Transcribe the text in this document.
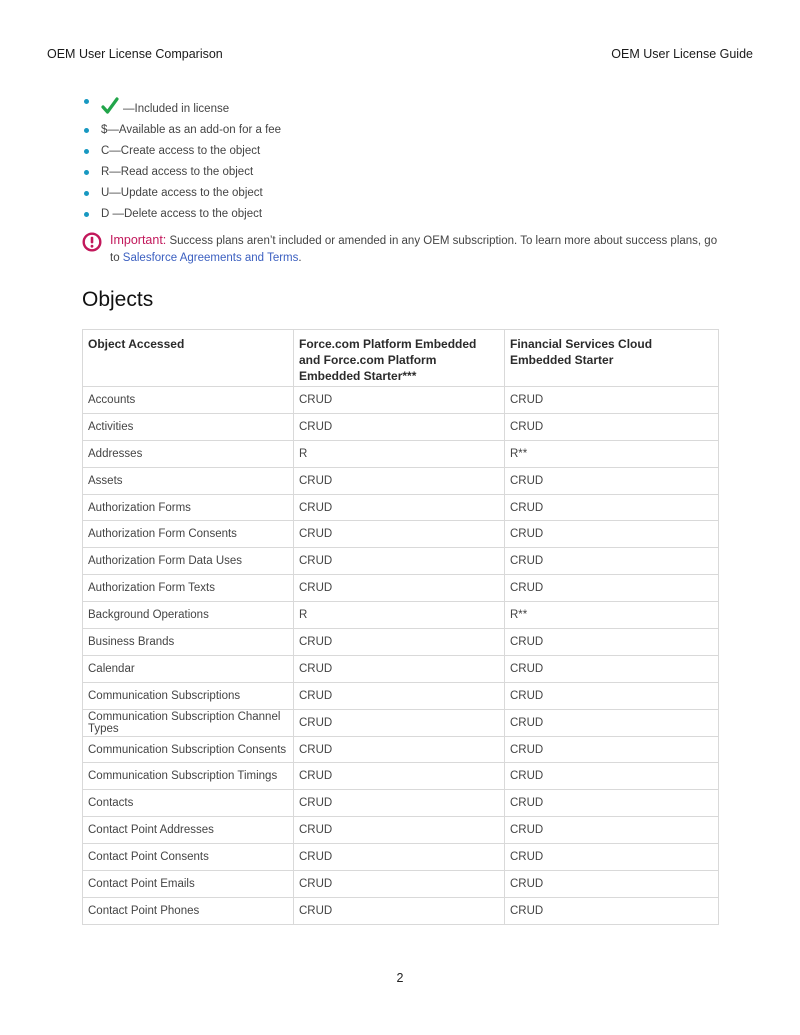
OEM User License Comparison	OEM User License Guide
—Included in license
$—Available as an add-on for a fee
C—Create access to the object
R—Read access to the object
U—Update access to the object
D —Delete access to the object
Important: Success plans aren’t included or amended in any OEM subscription. To learn more about success plans, go to Salesforce Agreements and Terms.
Objects
Object Accessed	Force.com Platform Embedded and Force.com Platform Embedded Starter***	Financial Services Cloud Embedded Starter
Accounts	CRUD	CRUD
Activities	CRUD	CRUD
Addresses	R	R**
Assets	CRUD	CRUD
Authorization Forms	CRUD	CRUD
Authorization Form Consents	CRUD	CRUD
Authorization Form Data Uses	CRUD	CRUD
Authorization Form Texts	CRUD	CRUD
Background Operations	R	R**
Business Brands	CRUD	CRUD
Calendar	CRUD	CRUD
Communication Subscriptions	CRUD	CRUD
Communication Subscription Channel Types	CRUD	CRUD
Communication Subscription Consents	CRUD	CRUD
Communication Subscription Timings	CRUD	CRUD
Contacts	CRUD	CRUD
Contact Point Addresses	CRUD	CRUD
Contact Point Consents	CRUD	CRUD
Contact Point Emails	CRUD	CRUD
Contact Point Phones	CRUD	CRUD
2
